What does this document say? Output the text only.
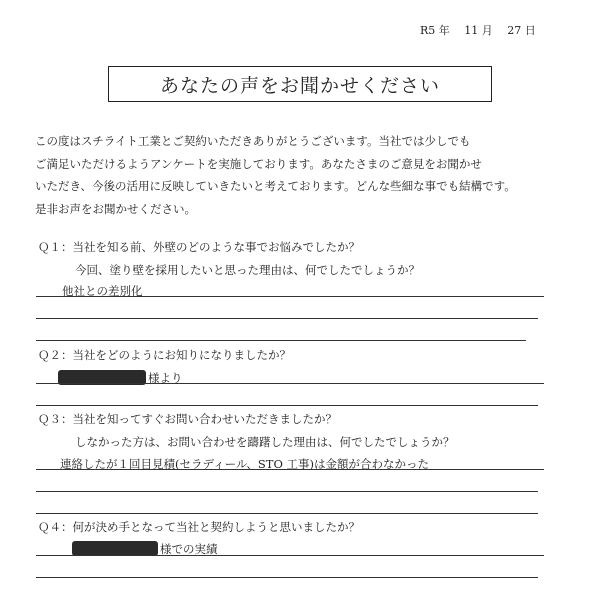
R5 年　 11 月　 27 日
あなたの声をお聞かせください
この度はスチライト工業とご契約いただきありがとうございます。当社では少しでも
ご満足いただけるようアンケートを実施しております。あなたさまのご意見をお聞かせ
いただき、今後の活用に反映していきたいと考えております。どんな些細な事でも結構です。
是非お声をお聞かせください。
Ｑ１：当社を知る前、外壁のどのような事でお悩みでしたか？
今回、塗り壁を採用したいと思った理由は、何でしたでしょうか？
他社との差別化
Ｑ２：当社をどのようにお知りになりましたか？
様より
Ｑ３：当社を知ってすぐお問い合わせいただきましたか？
しなかった方は、お問い合わせを躊躇した理由は、何でしたでしょうか？
連絡したが１回目見積(セラディール、STO 工事)は金額が合わなかった
Ｑ４：何が決め手となって当社と契約しようと思いましたか？
様での実績
